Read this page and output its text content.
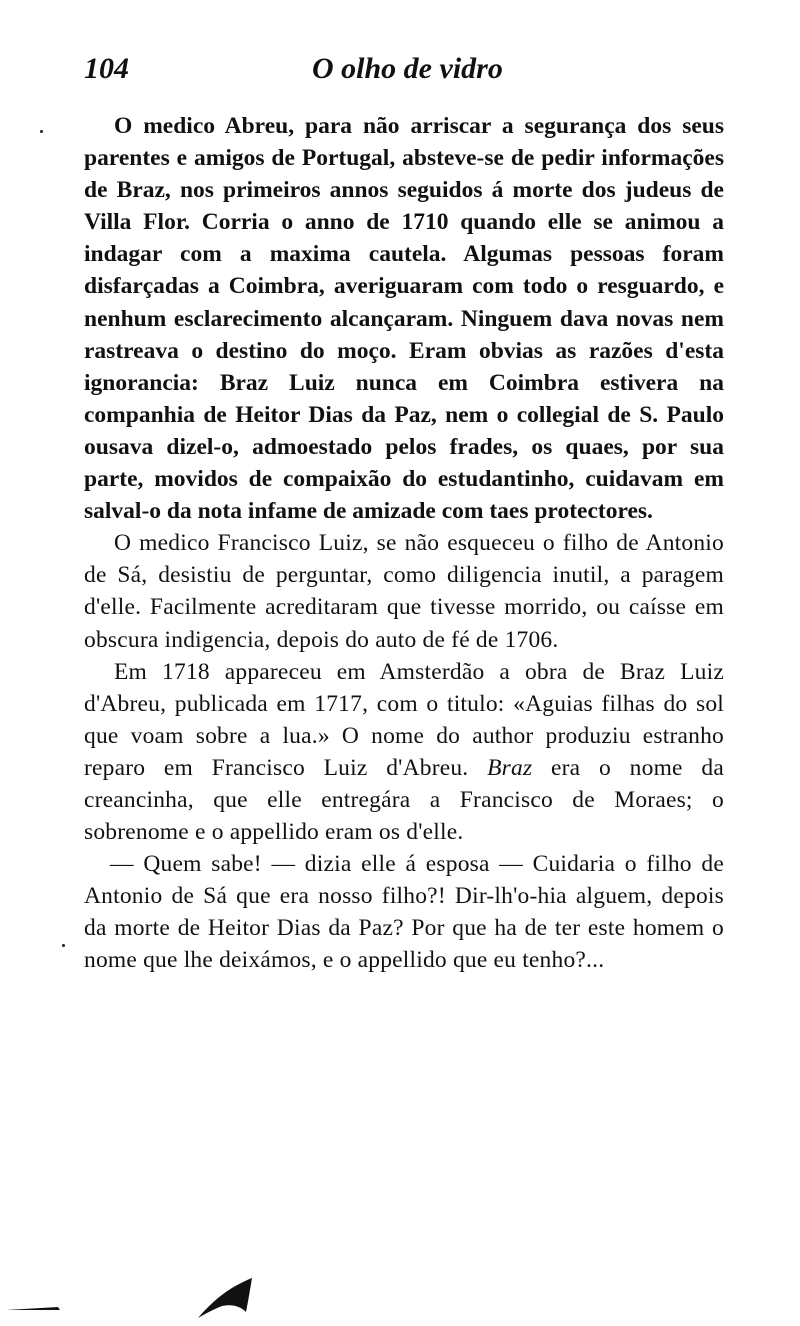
104	O olho de vidro

O medico Abreu, para não arriscar a segurança dos seus parentes e amigos de Portugal, absteve-se de pedir informações de Braz, nos primeiros annos seguidos á morte dos judeus de Villa Flor. Corria o anno de 1710 quando elle se animou a indagar com a maxima cautela. Algumas pessoas foram disfarçadas a Coimbra, averiguaram com todo o resguardo, e nenhum esclarecimento alcançaram. Ninguem dava novas nem rastreava o destino do moço. Eram obvias as razões d'esta ignorancia: Braz Luiz nunca em Coimbra estivera na companhia de Heitor Dias da Paz, nem o collegial de S. Paulo ousava dizel-o, admoestado pelos frades, os quaes, por sua parte, movidos de compaixão do estudantinho, cuidavam em salval-o da nota infame de amizade com taes protectores.

O medico Francisco Luiz, se não esqueceu o filho de Antonio de Sá, desistiu de perguntar, como diligencia inutil, a paragem d'elle. Facilmente acreditaram que tivesse morrido, ou caísse em obscura indigencia, depois do auto de fé de 1706.

Em 1718 appareceu em Amsterdão a obra de Braz Luiz d'Abreu, publicada em 1717, com o titulo: «Aguias filhas do sol que voam sobre a lua.» O nome do author produziu estranho reparo em Francisco Luiz d'Abreu. Braz era o nome da creancinha, que elle entregára a Francisco de Moraes; o sobrenome e o appellido eram os d'elle.

— Quem sabe! — dizia elle á esposa — Cuidaria o filho de Antonio de Sá que era nosso filho?! Dir-lh'o-hia alguem, depois da morte de Heitor Dias da Paz? Por que ha de ter este homem o nome que lhe deixámos, e o appellido que eu tenho?...
